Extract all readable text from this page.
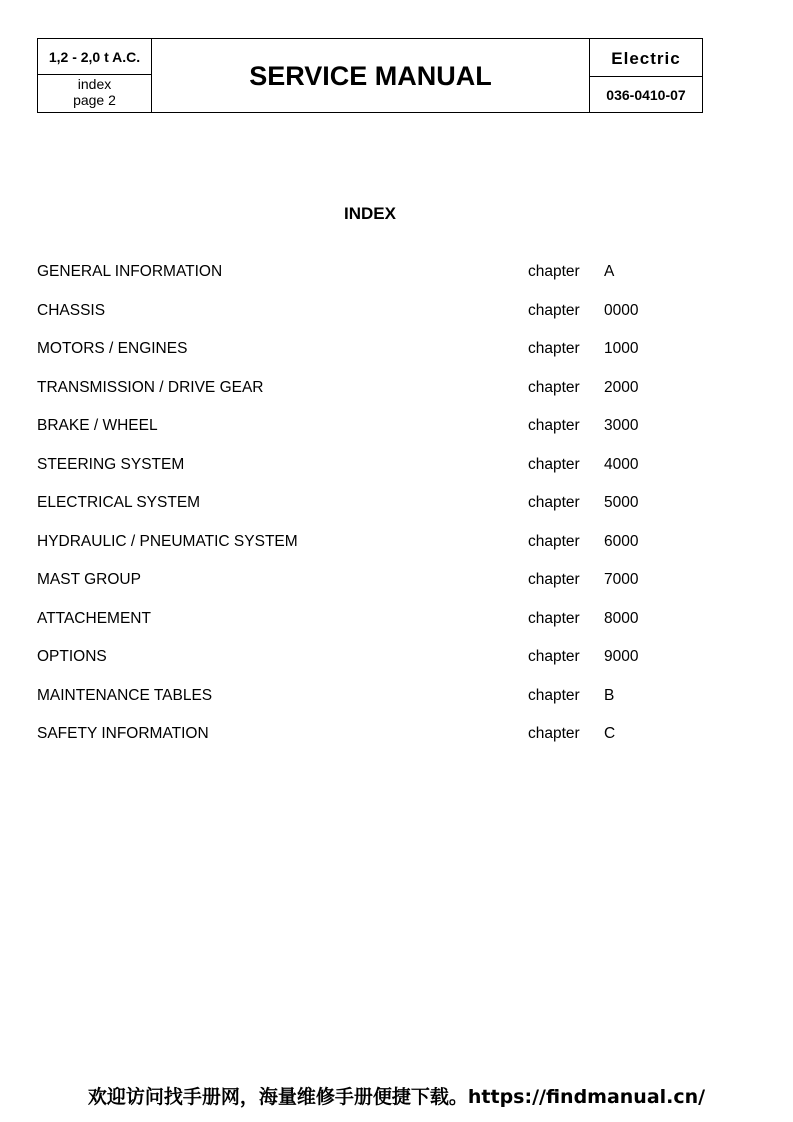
1,2 - 2,0 t A.C.
index
page 2
SERVICE MANUAL
Electric
036-0410-07
INDEX
GENERAL INFORMATION	chapter A
CHASSIS	chapter 0000
MOTORS / ENGINES	chapter 1000
TRANSMISSION / DRIVE GEAR	chapter 2000
BRAKE / WHEEL	chapter 3000
STEERING SYSTEM	chapter 4000
ELECTRICAL SYSTEM	chapter 5000
HYDRAULIC / PNEUMATIC SYSTEM	chapter 6000
MAST GROUP	chapter 7000
ATTACHEMENT	chapter 8000
OPTIONS	chapter 9000
MAINTENANCE TABLES	chapter B
SAFETY INFORMATION	chapter C
欢迎访问找手册网，海量维修手册便捷下载。https://findmanual.cn/
